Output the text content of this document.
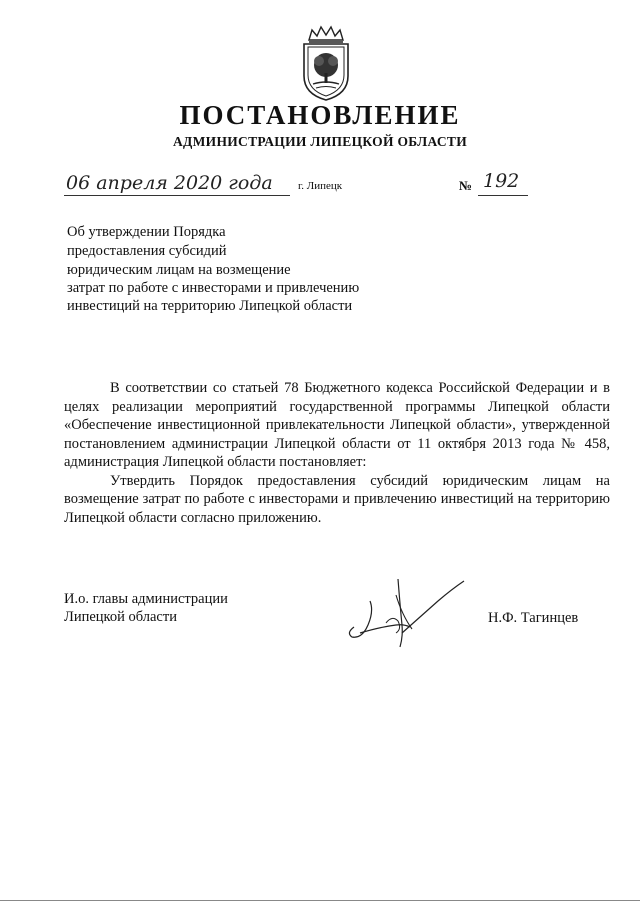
ПОСТАНОВЛЕНИЕ
АДМИНИСТРАЦИИ ЛИПЕЦКОЙ ОБЛАСТИ
06 апреля 2020 года г. Липецк	№ 192
Об утверждении Порядка
предоставления субсидий
юридическим лицам на возмещение
затрат по работе с инвесторами и привлечению
инвестиций на территорию Липецкой области

В соответствии со статьей 78 Бюджетного кодекса Российской Федерации и в целях реализации мероприятий государственной программы Липецкой области «Обеспечение инвестиционной привлекательности Липецкой области», утвержденной постановлением администрации Липецкой области от 11 октября 2013 года № 458, администрация Липецкой области постановляет:

Утвердить Порядок предоставления субсидий юридическим лицам на возмещение затрат по работе с инвесторами и привлечению инвестиций на территорию Липецкой области согласно приложению.

И.о. главы администрации
Липецкой области	Н.Ф. Тагинцев
